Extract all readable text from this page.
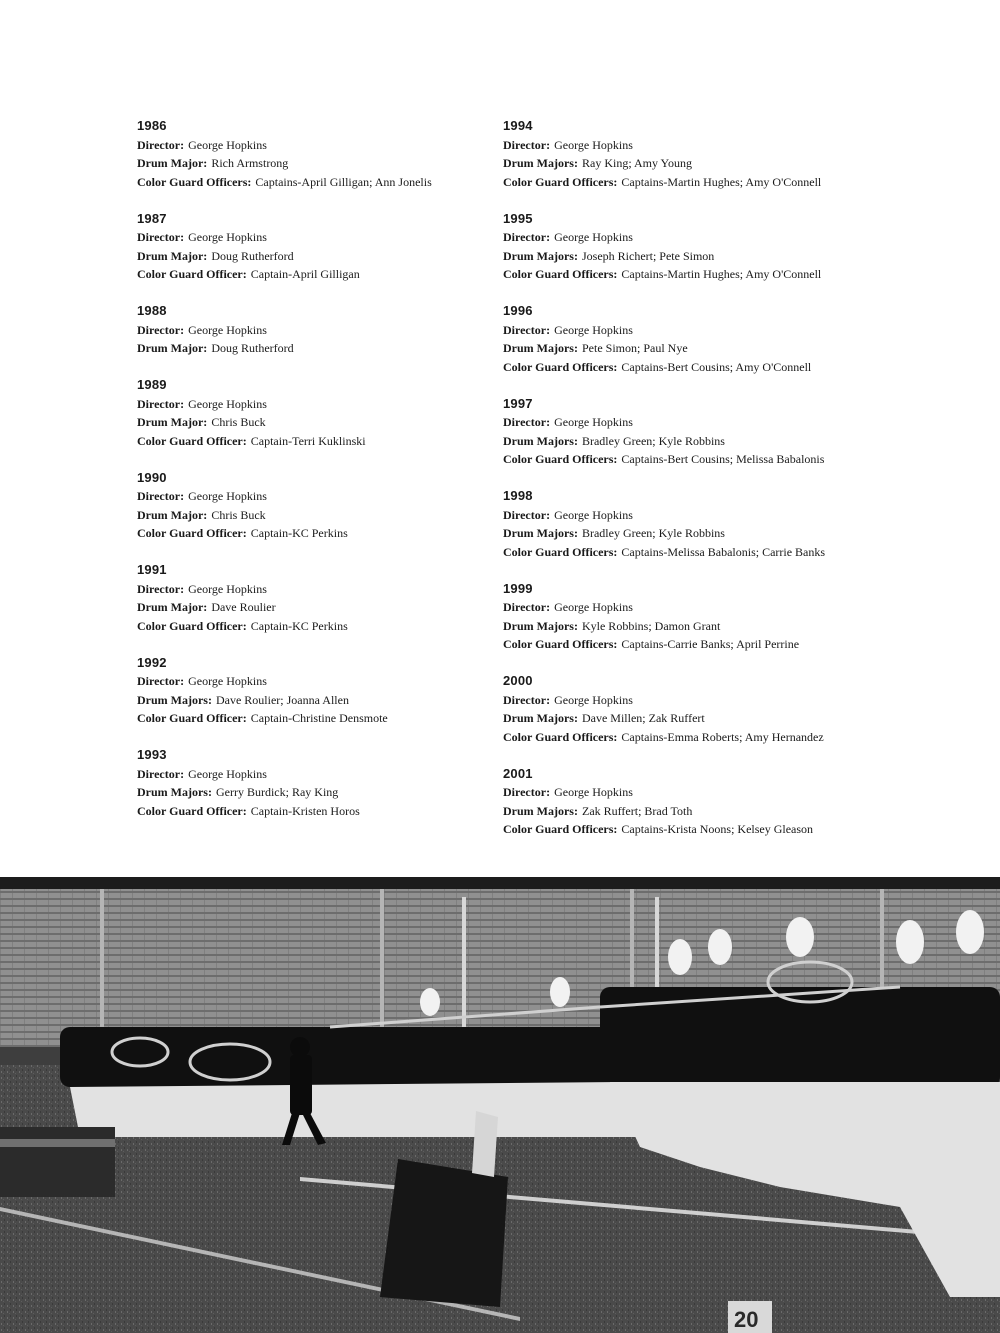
1986
Director: George Hopkins
Drum Major: Rich Armstrong
Color Guard Officers: Captains-April Gilligan; Ann Jonelis
1987
Director: George Hopkins
Drum Major: Doug Rutherford
Color Guard Officer: Captain-April Gilligan
1988
Director: George Hopkins
Drum Major: Doug Rutherford
1989
Director: George Hopkins
Drum Major: Chris Buck
Color Guard Officer: Captain-Terri Kuklinski
1990
Director: George Hopkins
Drum Major: Chris Buck
Color Guard Officer: Captain-KC Perkins
1991
Director: George Hopkins
Drum Major: Dave Roulier
Color Guard Officer: Captain-KC Perkins
1992
Director: George Hopkins
Drum Majors: Dave Roulier; Joanna Allen
Color Guard Officer: Captain-Christine Densmote
1993
Director: George Hopkins
Drum Majors: Gerry Burdick; Ray King
Color Guard Officer: Captain-Kristen Horos
1994
Director: George Hopkins
Drum Majors: Ray King; Amy Young
Color Guard Officers: Captains-Martin Hughes; Amy O'Connell
1995
Director: George Hopkins
Drum Majors: Joseph Richert; Pete Simon
Color Guard Officers: Captains-Martin Hughes; Amy O'Connell
1996
Director: George Hopkins
Drum Majors: Pete Simon; Paul Nye
Color Guard Officers: Captains-Bert Cousins; Amy O'Connell
1997
Director: George Hopkins
Drum Majors: Bradley Green; Kyle Robbins
Color Guard Officers: Captains-Bert Cousins; Melissa Babalonis
1998
Director: George Hopkins
Drum Majors: Bradley Green; Kyle Robbins
Color Guard Officers: Captains-Melissa Babalonis; Carrie Banks
1999
Director: George Hopkins
Drum Majors: Kyle Robbins; Damon Grant
Color Guard Officers: Captains-Carrie Banks; April Perrine
2000
Director: George Hopkins
Drum Majors: Dave Millen; Zak Ruffert
Color Guard Officers: Captains-Emma Roberts; Amy Hernandez
2001
Director: George Hopkins
Drum Majors: Zak Ruffert; Brad Toth
Color Guard Officers: Captains-Krista Noons; Kelsey Gleason
20
